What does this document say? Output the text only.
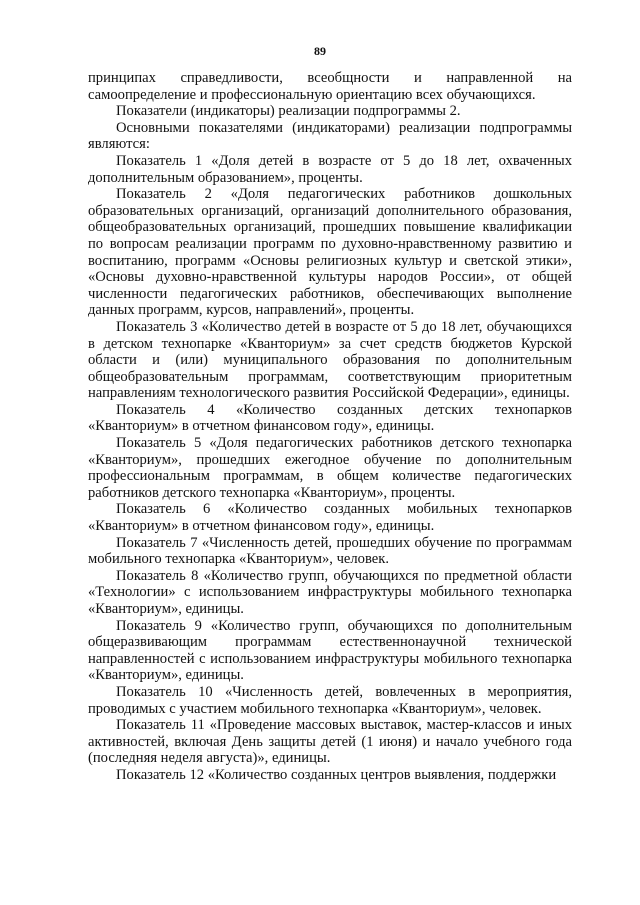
89

принципах справедливости, всеобщности и направленной на самоопределение и профессиональную ориентацию всех обучающихся.

Показатели (индикаторы) реализации подпрограммы 2.

Основными показателями (индикаторами) реализации подпрограммы являются:

Показатель 1 «Доля детей в возрасте от 5 до 18 лет, охваченных дополнительным образованием», проценты.

Показатель 2 «Доля педагогических работников дошкольных образовательных организаций, организаций дополнительного образования, общеобразовательных организаций, прошедших повышение квалификации по вопросам реализации программ по духовно-нравственному развитию и воспитанию, программ «Основы религиозных культур и светской этики», «Основы духовно-нравственной культуры народов России», от общей численности педагогических работников, обеспечивающих выполнение данных программ, курсов, направлений», проценты.

Показатель 3 «Количество детей в возрасте от 5 до 18 лет, обучающихся в детском технопарке «Кванториум» за счет средств бюджетов Курской области и (или) муниципального образования по дополнительным общеобразовательным программам, соответствующим приоритетным направлениям технологического развития Российской Федерации», единицы.

Показатель 4 «Количество созданных детских технопарков «Кванториум» в отчетном финансовом году», единицы.

Показатель 5 «Доля педагогических работников детского технопарка «Кванториум», прошедших ежегодное обучение по дополнительным профессиональным программам, в общем количестве педагогических работников детского технопарка «Кванториум», проценты.

Показатель 6 «Количество созданных мобильных технопарков «Кванториум» в отчетном финансовом году», единицы.

Показатель 7 «Численность детей, прошедших обучение по программам мобильного технопарка «Кванториум», человек.

Показатель 8 «Количество групп, обучающихся по предметной области «Технологии» с использованием инфраструктуры мобильного технопарка «Кванториум», единицы.

Показатель 9 «Количество групп, обучающихся по дополнительным общеразвивающим программам естественнонаучной технической направленностей с использованием инфраструктуры мобильного технопарка «Кванториум», единицы.

Показатель 10 «Численность детей, вовлеченных в мероприятия, проводимых с участием мобильного технопарка «Кванториум», человек.

Показатель 11 «Проведение массовых выставок, мастер-классов и иных активностей, включая День защиты детей (1 июня) и начало учебного года (последняя неделя августа)», единицы.

Показатель 12 «Количество созданных центров выявления, поддержки
